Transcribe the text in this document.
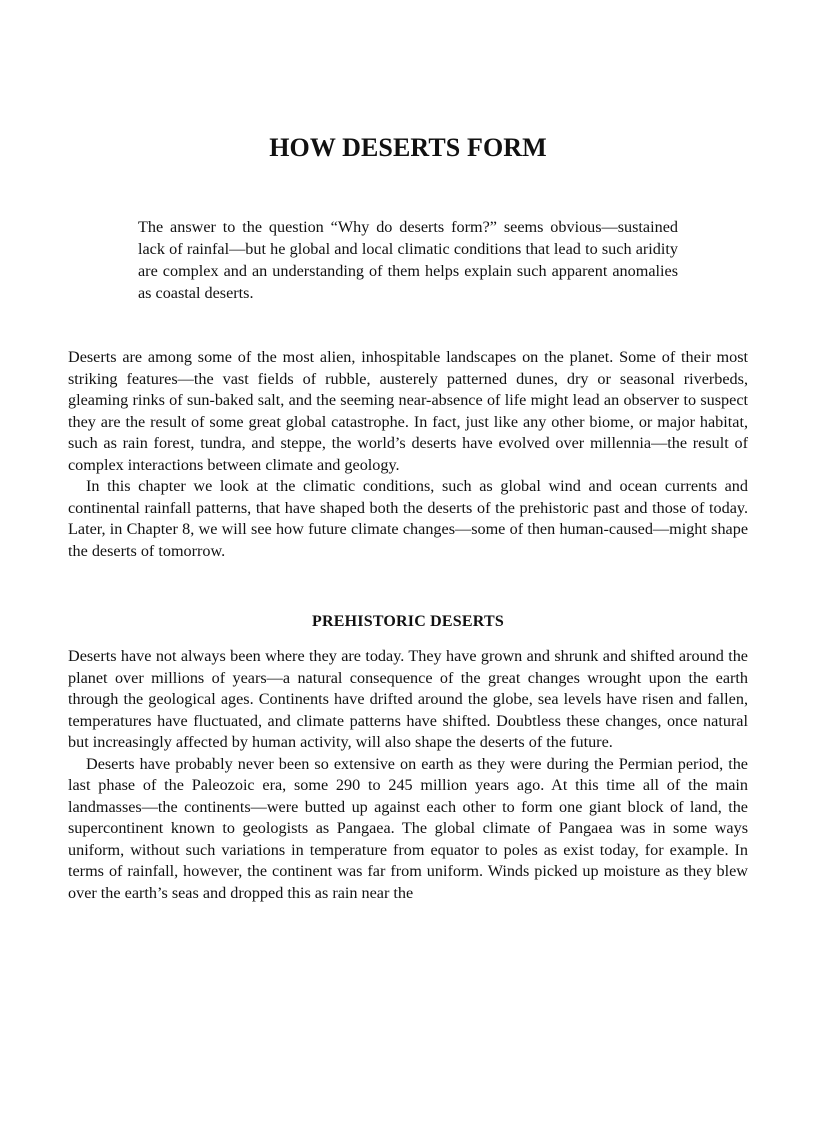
HOW DESERTS FORM

The answer to the question “Why do deserts form?” seems obvious—sustained lack of rainfal—but he global and local climatic conditions that lead to such aridity are complex and an understanding of them helps explain such apparent anomalies as coastal deserts.

Deserts are among some of the most alien, inhospitable landscapes on the planet. Some of their most striking features—the vast fields of rubble, austerely patterned dunes, dry or seasonal riverbeds, gleaming rinks of sun-baked salt, and the seeming near-absence of life might lead an observer to suspect they are the result of some great global catastrophe. In fact, just like any other biome, or major habitat, such as rain forest, tundra, and steppe, the world’s deserts have evolved over millennia—the result of complex interactions between climate and geology.

In this chapter we look at the climatic conditions, such as global wind and ocean currents and continental rainfall patterns, that have shaped both the deserts of the prehistoric past and those of today. Later, in Chapter 8, we will see how future climate changes—some of then human-caused—might shape the deserts of tomorrow.

PREHISTORIC DESERTS

Deserts have not always been where they are today. They have grown and shrunk and shifted around the planet over millions of years—a natural consequence of the great changes wrought upon the earth through the geological ages. Continents have drifted around the globe, sea levels have risen and fallen, temperatures have fluctuated, and climate patterns have shifted. Doubtless these changes, once natural but increasingly affected by human activity, will also shape the deserts of the future.

Deserts have probably never been so extensive on earth as they were during the Permian period, the last phase of the Paleozoic era, some 290 to 245 million years ago. At this time all of the main landmasses—the continents—were butted up against each other to form one giant block of land, the supercontinent known to geologists as Pangaea. The global climate of Pangaea was in some ways uniform, without such variations in temperature from equator to poles as exist today, for example. In terms of rainfall, however, the continent was far from uniform. Winds picked up moisture as they blew over the earth’s seas and dropped this as rain near the
